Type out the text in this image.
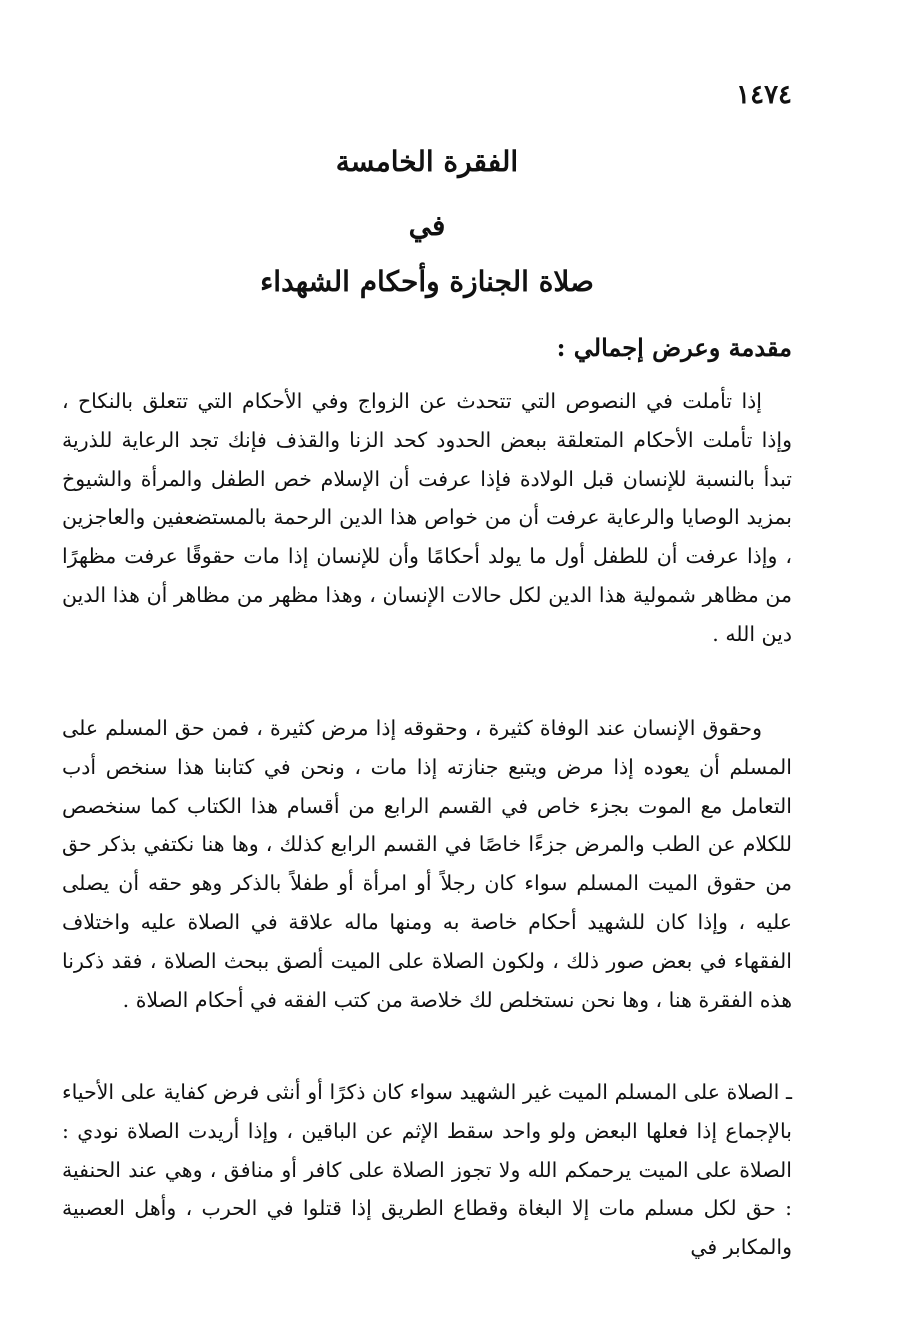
١٤٧٤

الفقرة الخامسة
في
صلاة الجنازة وأحكام الشهداء

مقدمة وعرض إجمالي :

إذا تأملت في النصوص التي تتحدث عن الزواج وفي الأحكام التي تتعلق بالنكاح ، وإذا تأملت الأحكام المتعلقة ببعض الحدود كحد الزنا والقذف فإنك تجد الرعاية للذرية تبدأ بالنسبة للإنسان قبل الولادة فإذا عرفت أن الإسلام خص الطفل والمرأة والشيوخ بمزيد الوصايا والرعاية عرفت أن من خواص هذا الدين الرحمة بالمستضعفين والعاجزين ، وإذا عرفت أن للطفل أول ما يولد أحكامًا وأن للإنسان إذا مات حقوقًا عرفت مظهرًا من مظاهر شمولية هذا الدين لكل حالات الإنسان ، وهذا مظهر من مظاهر أن هذا الدين دين الله .

وحقوق الإنسان عند الوفاة كثيرة ، وحقوقه إذا مرض كثيرة ، فمن حق المسلم على المسلم أن يعوده إذا مرض ويتبع جنازته إذا مات ، ونحن في كتابنا هذا سنخص أدب التعامل مع الموت بجزء خاص في القسم الرابع من أقسام هذا الكتاب كما سنخصص للكلام عن الطب والمرض جزءًا خاصًا في القسم الرابع كذلك ، وها هنا نكتفي بذكر حق من حقوق الميت المسلم سواء كان رجلاً أو امرأة أو طفلاً بالذكر وهو حقه أن يصلى عليه ، وإذا كان للشهيد أحكام خاصة به ومنها ماله علاقة في الصلاة عليه واختلاف الفقهاء في بعض صور ذلك ، ولكون الصلاة على الميت ألصق ببحث الصلاة ، فقد ذكرنا هذه الفقرة هنا ، وها نحن نستخلص لك خلاصة من كتب الفقه في أحكام الصلاة .

ـ الصلاة على المسلم الميت غير الشهيد سواء كان ذكرًا أو أنثى فرض كفاية على الأحياء بالإجماع إذا فعلها البعض ولو واحد سقط الإثم عن الباقين ، وإذا أريدت الصلاة نودي : الصلاة على الميت يرحمكم الله ولا تجوز الصلاة على كافر أو منافق ، وهي عند الحنفية : حق لكل مسلم مات إلا البغاة وقطاع الطريق إذا قتلوا في الحرب ، وأهل العصبية والمكابر في
